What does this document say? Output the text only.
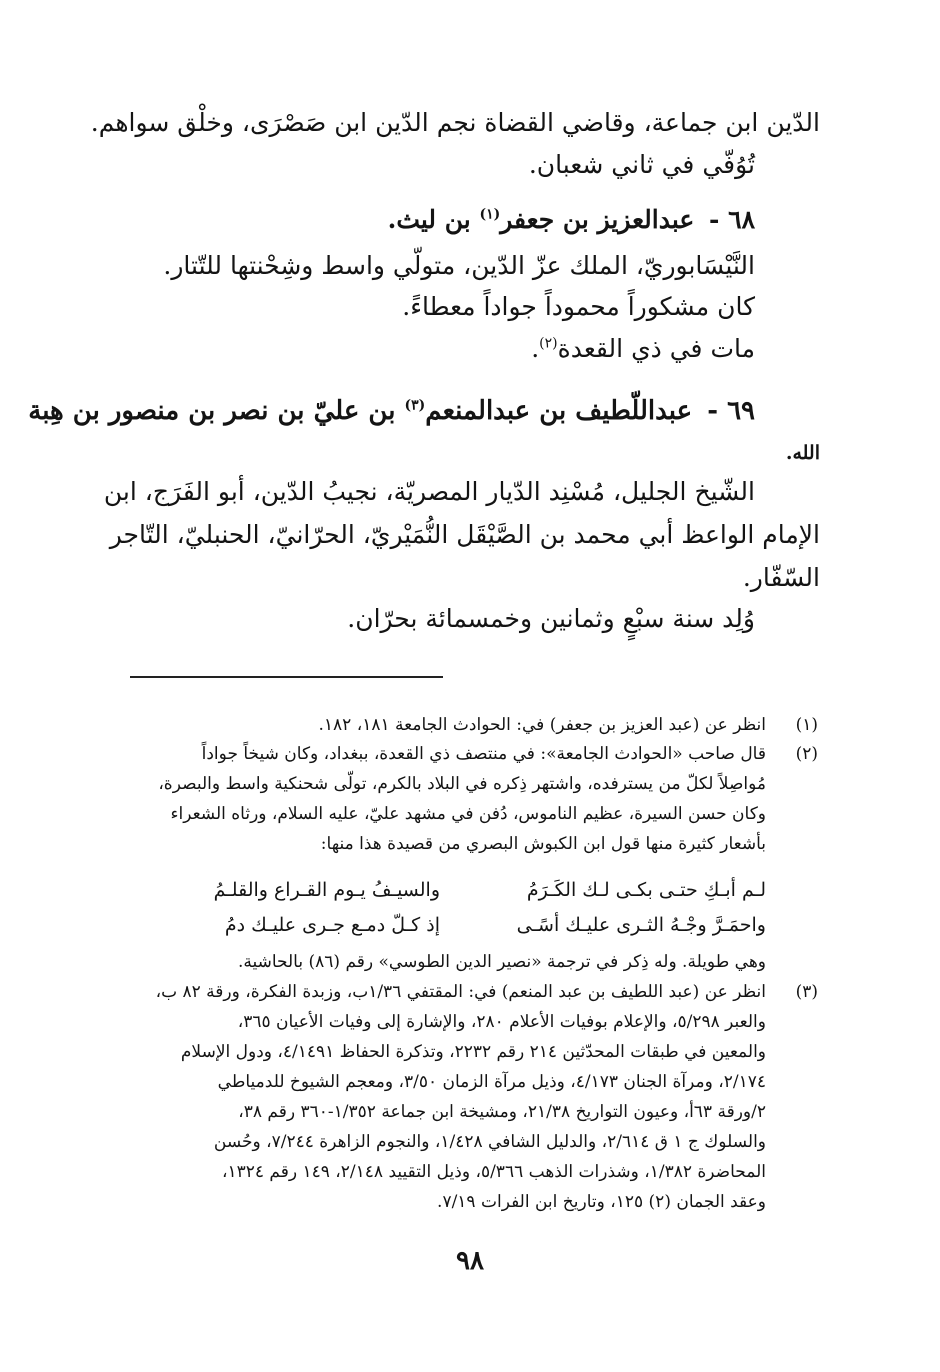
الدّين ابن جماعة، وقاضي القضاة نجم الدّين ابن صَصْرَى، وخلْق سواهم.
تُوُفّي في ثاني شعبان.
٦٨ - عبدالعزيز بن جعفر$^{(١)}$ بن ليث.
النَّيْسَابوريّ، الملك عزّ الدّين، متولّي واسط وشِحْنتها للتّتار.
كان مشكوراً محموداً جواداً معطاءً.
مات في ذي القعدة$^{(٢)}$.
٦٩ - عبداللّطيف بن عبدالمنعم$^{(٣)}$ بن عليّ بن نصر بن منصور بن هِبة
الله.
الشّيخ الجليل، مُسْنِد الدّيار المصريّة، نجيبُ الدّين، أبو الفَرَج، ابن
الإمام الواعظ أبي محمد بن الصَّيْقَل النُّمَيْريّ، الحرّانيّ، الحنبليّ، التّاجر
السّفّار.
وُلِد سنة سبْعٍ وثمانين وخمسمائة بحرّان.
(١)
انظر عن (عبد العزيز بن جعفر) في: الحوادث الجامعة ١٨١، ١٨٢.
(٢)
قال صاحب «الحوادث الجامعة»: في منتصف ذي القعدة، ببغداد، وكان شيخاً جواداً
مُواصِلاً لكلّ من يسترفده، واشتهر ذِكره في البلاد بالكرم، تولّى شحنكية واسط والبصرة،
وكان حسن السيرة، عظيم الناموس، دُفن في مشهد عليّ، عليه السلام، ورثاه الشعراء
بأشعار كثيرة منها قول ابن الكبوش البصري من قصيدة هذا منها:
لـم أبـكِ حتـى بكـى لـك الكَـرَمُ
والسيـفُ يـوم القـراع والقلـمُ
واحمَـرَّ وجْـهُ الثـرى عليـك أسًـى
إذ كـلّ دمـع جـرى عليـك دمُ
وهي طويلة. وله ذِكر في ترجمة «نصير الدين الطوسي» رقم (٨٦) بالحاشية.
(٣)
انظر عن (عبد اللطيف بن عبد المنعم) في: المقتفي ١/٣٦ب، وزبدة الفكرة، ورقة ٨٢ ب،
والعبر ٥/٢٩٨، والإعلام بوفيات الأعلام ٢٨٠، والإشارة إلى وفيات الأعيان ٣٦٥،
والمعين في طبقات المحدّثين ٢١٤ رقم ٢٢٣٢، وتذكرة الحفاظ ٤/١٤٩١، ودول الإسلام
٢/١٧٤، ومرآة الجنان ٤/١٧٣، وذيل مرآة الزمان ٣/٥٠، ومعجم الشيوخ للدمياطي
٢/ورقة ٦٣أ، وعيون التواريخ ٢١/٣٨، ومشيخة ابن جماعة ١/٣٥٢-٣٦٠ رقم ٣٨،
والسلوك ج ١ ق ٢/٦١٤، والدليل الشافي ١/٤٢٨، والنجوم الزاهرة ٧/٢٤٤، وحُسن
المحاضرة ١/٣٨٢، وشذرات الذهب ٥/٣٦٦، وذيل التقييد ٢/١٤٨، ١٤٩ رقم ١٣٢٤،
وعقد الجمان (٢) ١٢٥، وتاريخ ابن الفرات ٧/١٩.
٩٨
